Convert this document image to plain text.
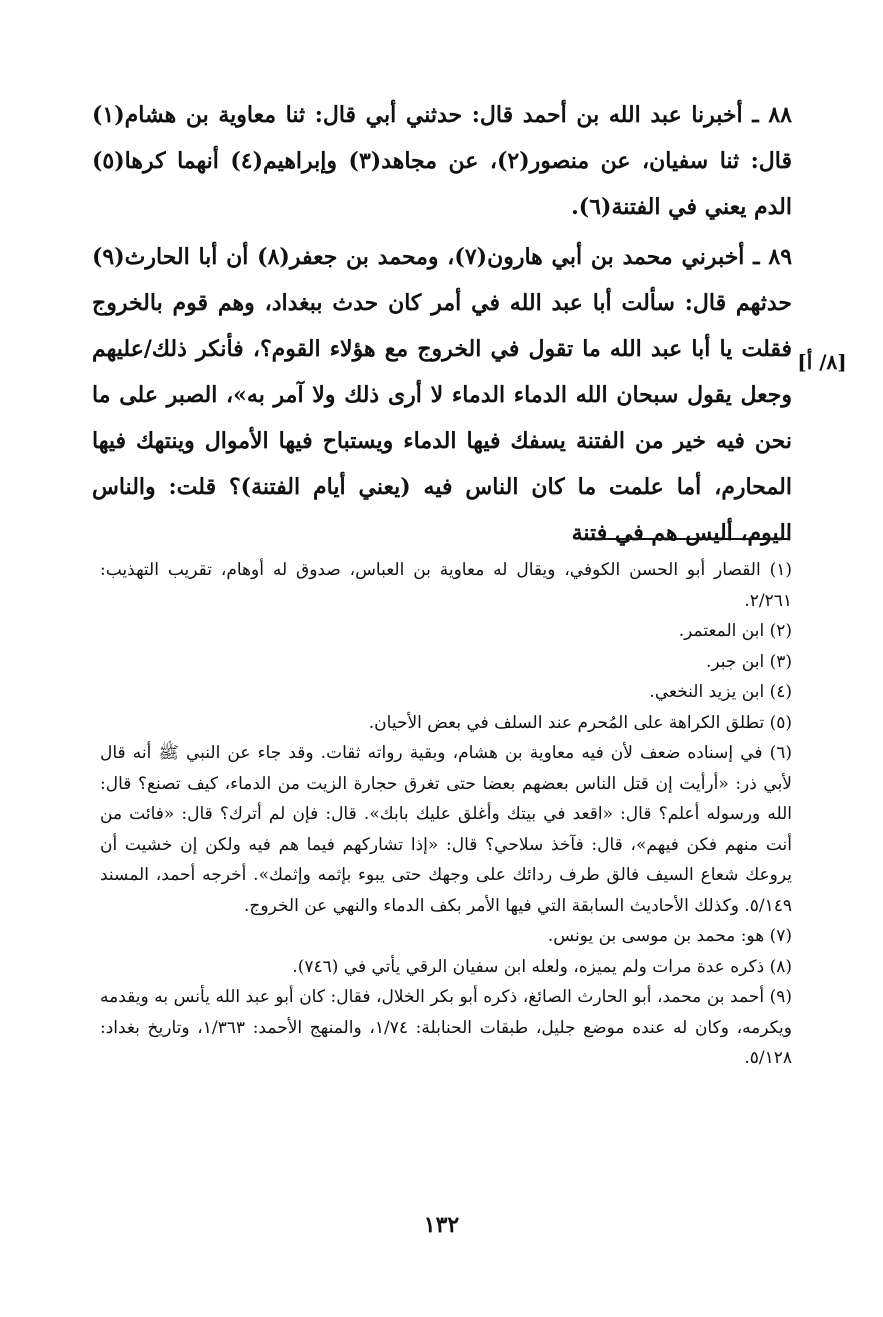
٨٨ ـ أخبرنا عبد الله بن أحمد قال: حدثني أبي قال: ثنا معاوية بن هشام(١) قال: ثنا سفيان، عن منصور(٢)، عن مجاهد(٣) وإبراهيم(٤) أنهما كرها(٥) الدم يعني في الفتنة(٦).

٨٩ ـ أخبرني محمد بن أبي هارون(٧)، ومحمد بن جعفر(٨) أن أبا الحارث(٩) حدثهم قال: سألت أبا عبد الله في أمر كان حدث ببغداد، وهم قوم بالخروج فقلت يا أبا عبد الله ما تقول في الخروج مع هؤلاء القوم؟، فأنكر ذلك/عليهم وجعل يقول سبحان الله الدماء الدماء لا أرى ذلك ولا آمر به»، الصبر على ما نحن فيه خير من الفتنة يسفك فيها الدماء ويستباح فيها الأموال وينتهك فيها المحارم، أما علمت ما كان الناس فيه (يعني أيام الفتنة)؟ قلت: والناس اليوم، أليس هم في فتنة

[٨/ أ]

(١) القصار أبو الحسن الكوفي، ويقال له معاوية بن العباس، صدوق له أوهام، تقريب التهذيب: ٢/٢٦١.

(٢) ابن المعتمر.

(٣) ابن جبر.

(٤) ابن يزيد النخعي.

(٥) تطلق الكراهة على المُحرم عند السلف في بعض الأحيان.

(٦) في إسناده ضعف لأن فيه معاوية بن هشام، وبقية رواته ثقات. وقد جاء عن النبي ﷺ أنه قال لأبي ذر: «أرأيت إن قتل الناس بعضهم بعضا حتى تغرق حجارة الزيت من الدماء، كيف تصنع؟ قال: الله ورسوله أعلم؟ قال: «اقعد في بيتك وأغلق عليك بابك». قال: فإن لم أترك؟ قال: «فائت من أنت منهم فكن فيهم»، قال: فآخذ سلاحي؟ قال: «إذا تشاركهم فيما هم فيه ولكن إن خشيت أن يروعك شعاع السيف فالق طرف ردائك على وجهك حتى يبوء بإثمه وإثمك». أخرجه أحمد، المسند ٥/١٤٩. وكذلك الأحاديث السابقة التي فيها الأمر بكف الدماء والنهي عن الخروج.

(٧) هو: محمد بن موسى بن يونس.

(٨) ذكره عدة مرات ولم يميزه، ولعله ابن سفيان الرقي يأتي في (٧٤٦).

(٩) أحمد بن محمد، أبو الحارث الصائغ، ذكره أبو بكر الخلال، فقال: كان أبو عبد الله يأنس به ويقدمه ويكرمه، وكان له عنده موضع جليل، طبقات الحنابلة: ١/٧٤، والمنهج الأحمد: ١/٣٦٣، وتاريخ بغداد: ٥/١٢٨.

١٣٢
